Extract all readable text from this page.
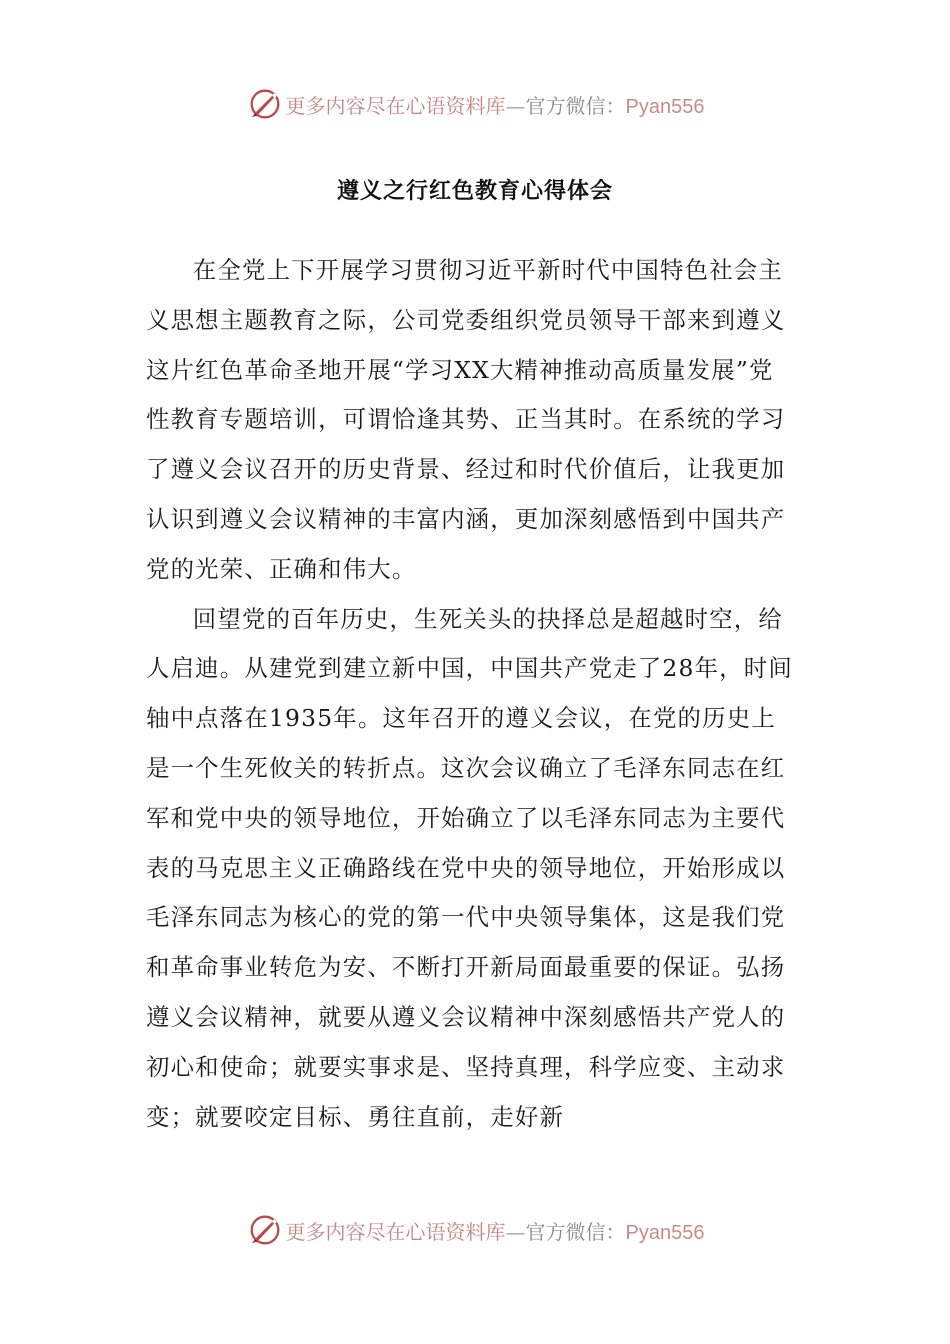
更多内容尽在心语资料库—官方微信：Pyan556
遵义之行红色教育心得体会

在全党上下开展学习贯彻习近平新时代中国特色社会主义思想主题教育之际，公司党委组织党员领导干部来到遵义这片红色革命圣地开展“学习XX大精神推动高质量发展”党性教育专题培训，可谓恰逢其势、正当其时。在系统的学习了遵义会议召开的历史背景、经过和时代价值后，让我更加认识到遵义会议精神的丰富内涵，更加深刻感悟到中国共产党的光荣、正确和伟大。

回望党的百年历史，生死关头的抉择总是超越时空，给人启迪。从建党到建立新中国，中国共产党走了28年，时间轴中点落在1935年。这年召开的遵义会议，在党的历史上是一个生死攸关的转折点。这次会议确立了毛泽东同志在红军和党中央的领导地位，开始确立了以毛泽东同志为主要代表的马克思主义正确路线在党中央的领导地位，开始形成以毛泽东同志为核心的党的第一代中央领导集体，这是我们党和革命事业转危为安、不断打开新局面最重要的保证。弘扬遵义会议精神，就要从遵义会议精神中深刻感悟共产党人的初心和使命；就要实事求是、坚持真理，科学应变、主动求变；就要咬定目标、勇往直前，走好新

更多内容尽在心语资料库—官方微信：Pyan556
